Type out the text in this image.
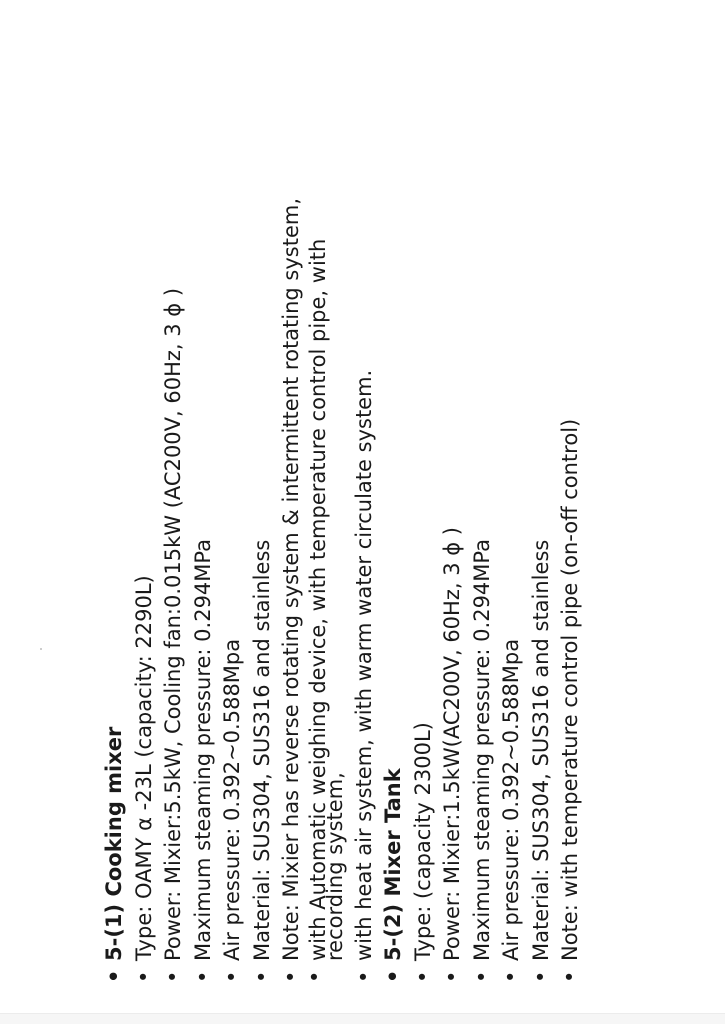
• 5-(1) Cooking mixer • Type: OAMY α -23L (capacity: 2290L) • Power: Mixier:5.5kW, Cooling fan:0.015kW (AC200V, 60Hz, 3 ϕ ) • Maximum steaming pressure: 0.294MPa • Air pressure: 0.392~0.588Mpa • Material: SUS304, SUS316 and stainless • Note: Mixier has reverse rotating system & intermittent rotating system, • with Automatic weighing device, with temperature control pipe, with
recording system, • with heat air system, with warm water circulate system. • 5-(2) Mixer Tank • Type: (capacity 2300L) • Power: Mixier:1.5kW(AC200V, 60Hz, 3 ϕ ) • Maximum steaming pressure: 0.294MPa • Air pressure: 0.392~0.588Mpa • Material: SUS304, SUS316 and stainless • Note: with temperature control pipe (on-off control)
